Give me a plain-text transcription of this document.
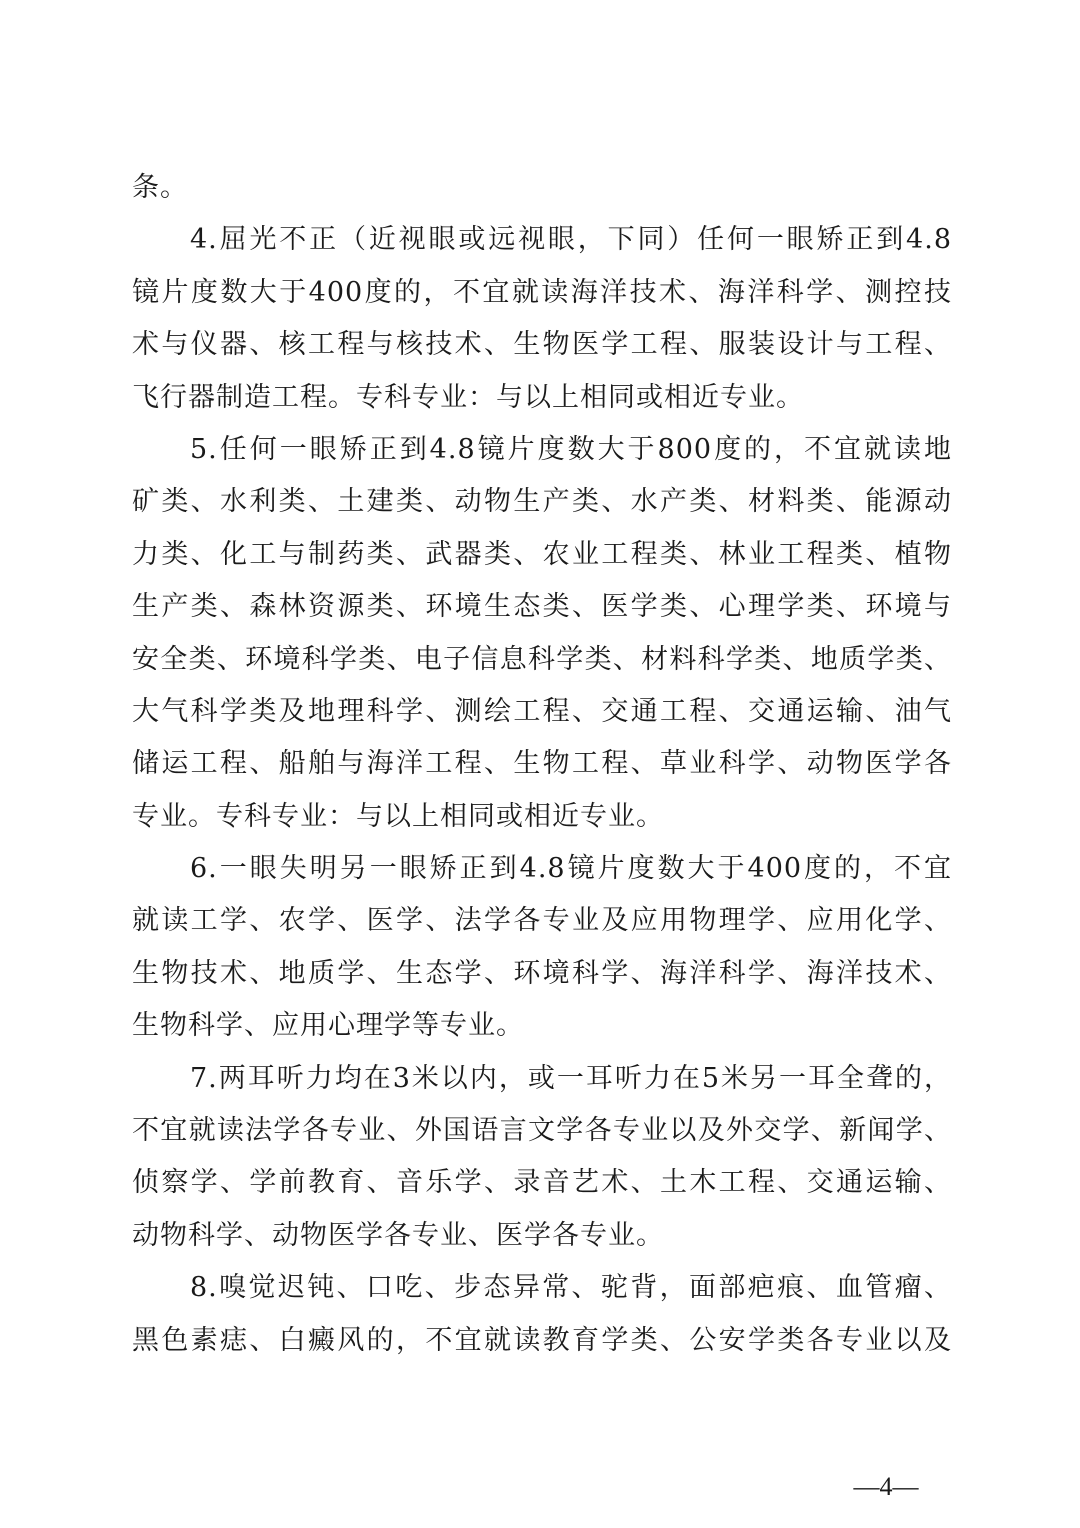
条。
4.屈光不正（近视眼或远视眼，下同）任何一眼矫正到4.8
镜片度数大于400度的，不宜就读海洋技术、海洋科学、测控技
术与仪器、核工程与核技术、生物医学工程、服装设计与工程、
飞行器制造工程。专科专业：与以上相同或相近专业。
5.任何一眼矫正到4.8镜片度数大于800度的，不宜就读地
矿类、水利类、土建类、动物生产类、水产类、材料类、能源动
力类、化工与制药类、武器类、农业工程类、林业工程类、植物
生产类、森林资源类、环境生态类、医学类、心理学类、环境与
安全类、环境科学类、电子信息科学类、材料科学类、地质学类、
大气科学类及地理科学、测绘工程、交通工程、交通运输、油气
储运工程、船舶与海洋工程、生物工程、草业科学、动物医学各
专业。专科专业：与以上相同或相近专业。
6.一眼失明另一眼矫正到4.8镜片度数大于400度的，不宜
就读工学、农学、医学、法学各专业及应用物理学、应用化学、
生物技术、地质学、生态学、环境科学、海洋科学、海洋技术、
生物科学、应用心理学等专业。
7.两耳听力均在3米以内，或一耳听力在5米另一耳全聋的，
不宜就读法学各专业、外国语言文学各专业以及外交学、新闻学、
侦察学、学前教育、音乐学、录音艺术、土木工程、交通运输、
动物科学、动物医学各专业、医学各专业。
8.嗅觉迟钝、口吃、步态异常、驼背，面部疤痕、血管瘤、
黑色素痣、白癜风的，不宜就读教育学类、公安学类各专业以及
—4—
